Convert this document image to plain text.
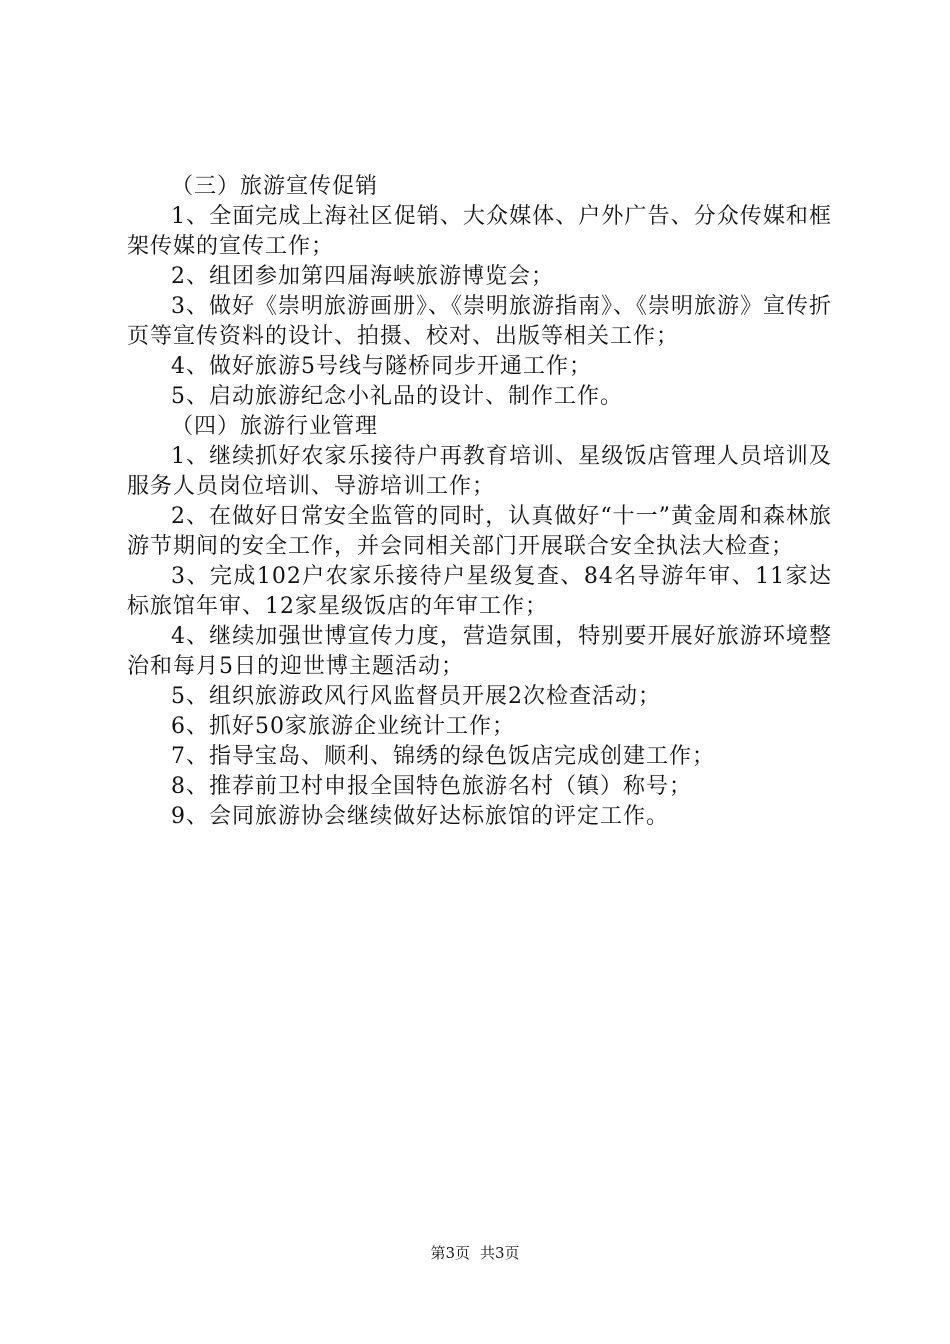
（三）旅游宣传促销

1、全面完成上海社区促销、大众媒体、户外广告、分众传媒和框架传媒的宣传工作；

2、组团参加第四届海峡旅游博览会；

3、做好《崇明旅游画册》、《崇明旅游指南》、《崇明旅游》宣传折页等宣传资料的设计、拍摄、校对、出版等相关工作；

4、做好旅游5号线与隧桥同步开通工作；

5、启动旅游纪念小礼品的设计、制作工作。

（四）旅游行业管理

1、继续抓好农家乐接待户再教育培训、星级饭店管理人员培训及服务人员岗位培训、导游培训工作；

2、在做好日常安全监管的同时，认真做好“十一”黄金周和森林旅游节期间的安全工作，并会同相关部门开展联合安全执法大检查；

3、完成102户农家乐接待户星级复查、84名导游年审、11家达标旅馆年审、12家星级饭店的年审工作；

4、继续加强世博宣传力度，营造氛围，特别要开展好旅游环境整治和每月5日的迎世博主题活动；

5、组织旅游政风行风监督员开展2次检查活动；

6、抓好50家旅游企业统计工作；

7、指导宝岛、顺利、锦绣的绿色饭店完成创建工作；

8、推荐前卫村申报全国特色旅游名村（镇）称号；

9、会同旅游协会继续做好达标旅馆的评定工作。

第3页 共3页
